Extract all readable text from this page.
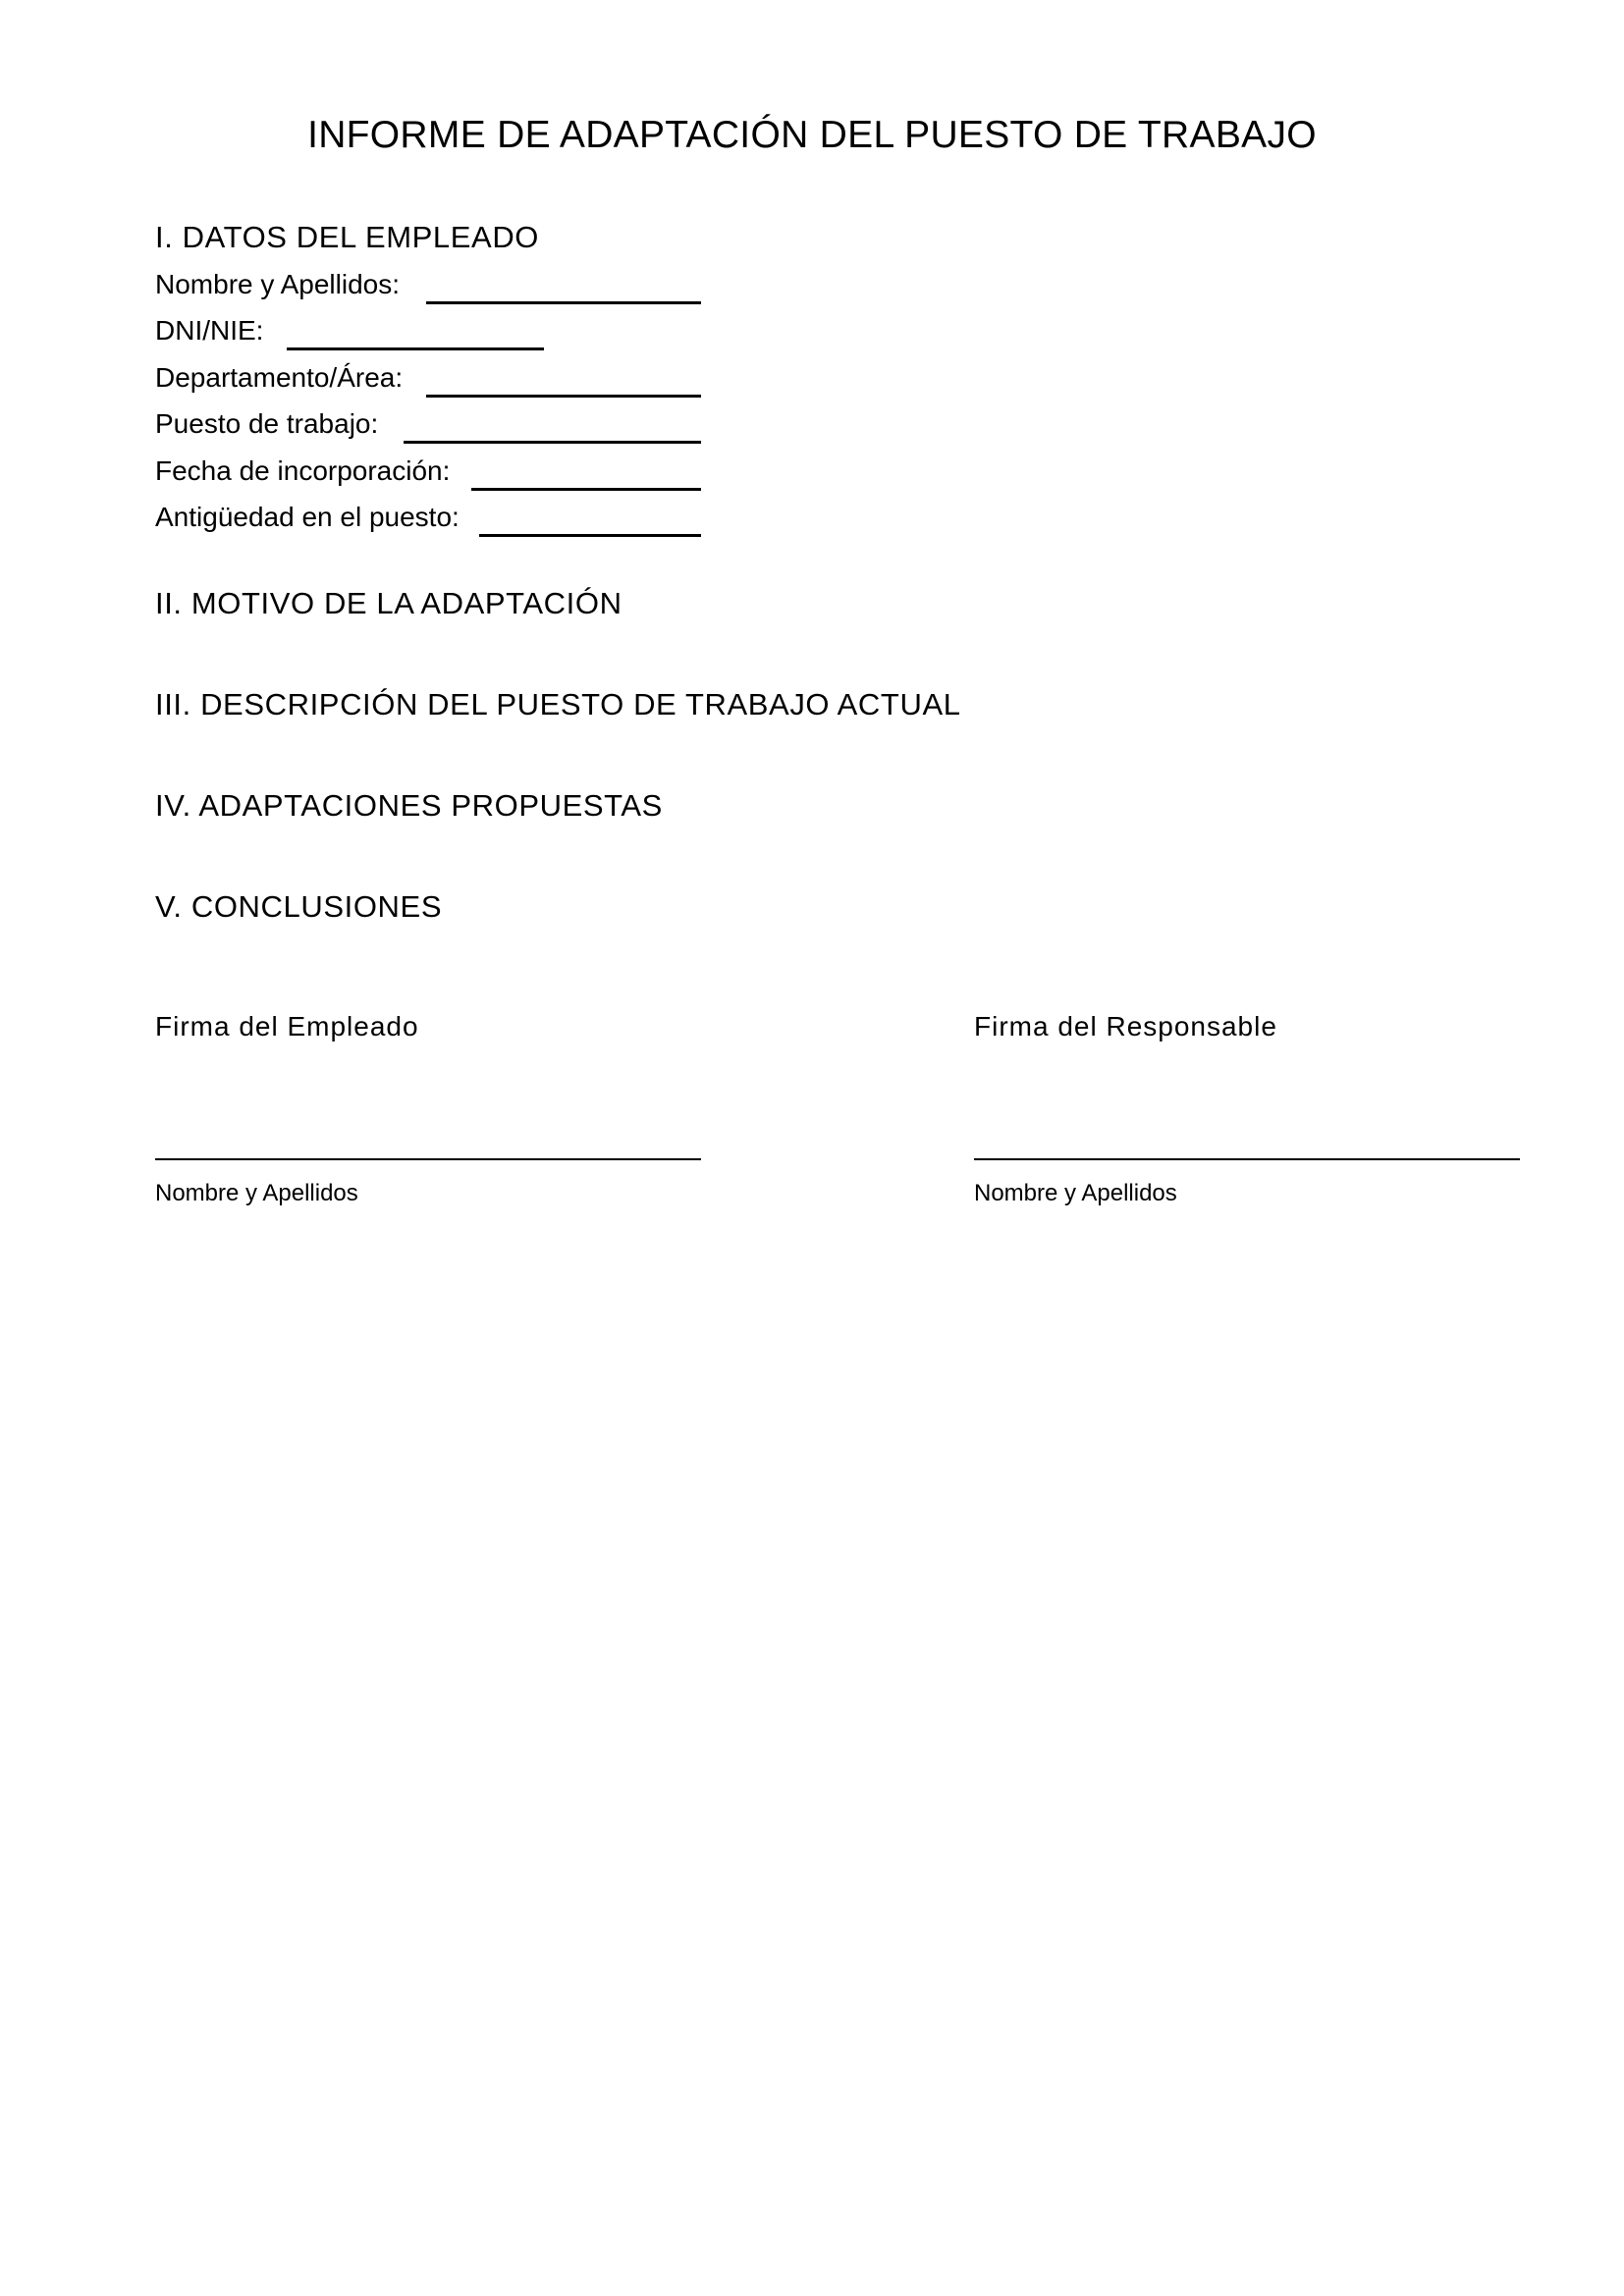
INFORME DE ADAPTACIÓN DEL PUESTO DE TRABAJO
I. DATOS DEL EMPLEADO
Nombre y Apellidos:
DNI/NIE:
Departamento/Área:
Puesto de trabajo:
Fecha de incorporación:
Antigüedad en el puesto:
II. MOTIVO DE LA ADAPTACIÓN
III. DESCRIPCIÓN DEL PUESTO DE TRABAJO ACTUAL
IV. ADAPTACIONES PROPUESTAS
V. CONCLUSIONES
Firma del Empleado
Nombre y Apellidos
Firma del Responsable
Nombre y Apellidos
